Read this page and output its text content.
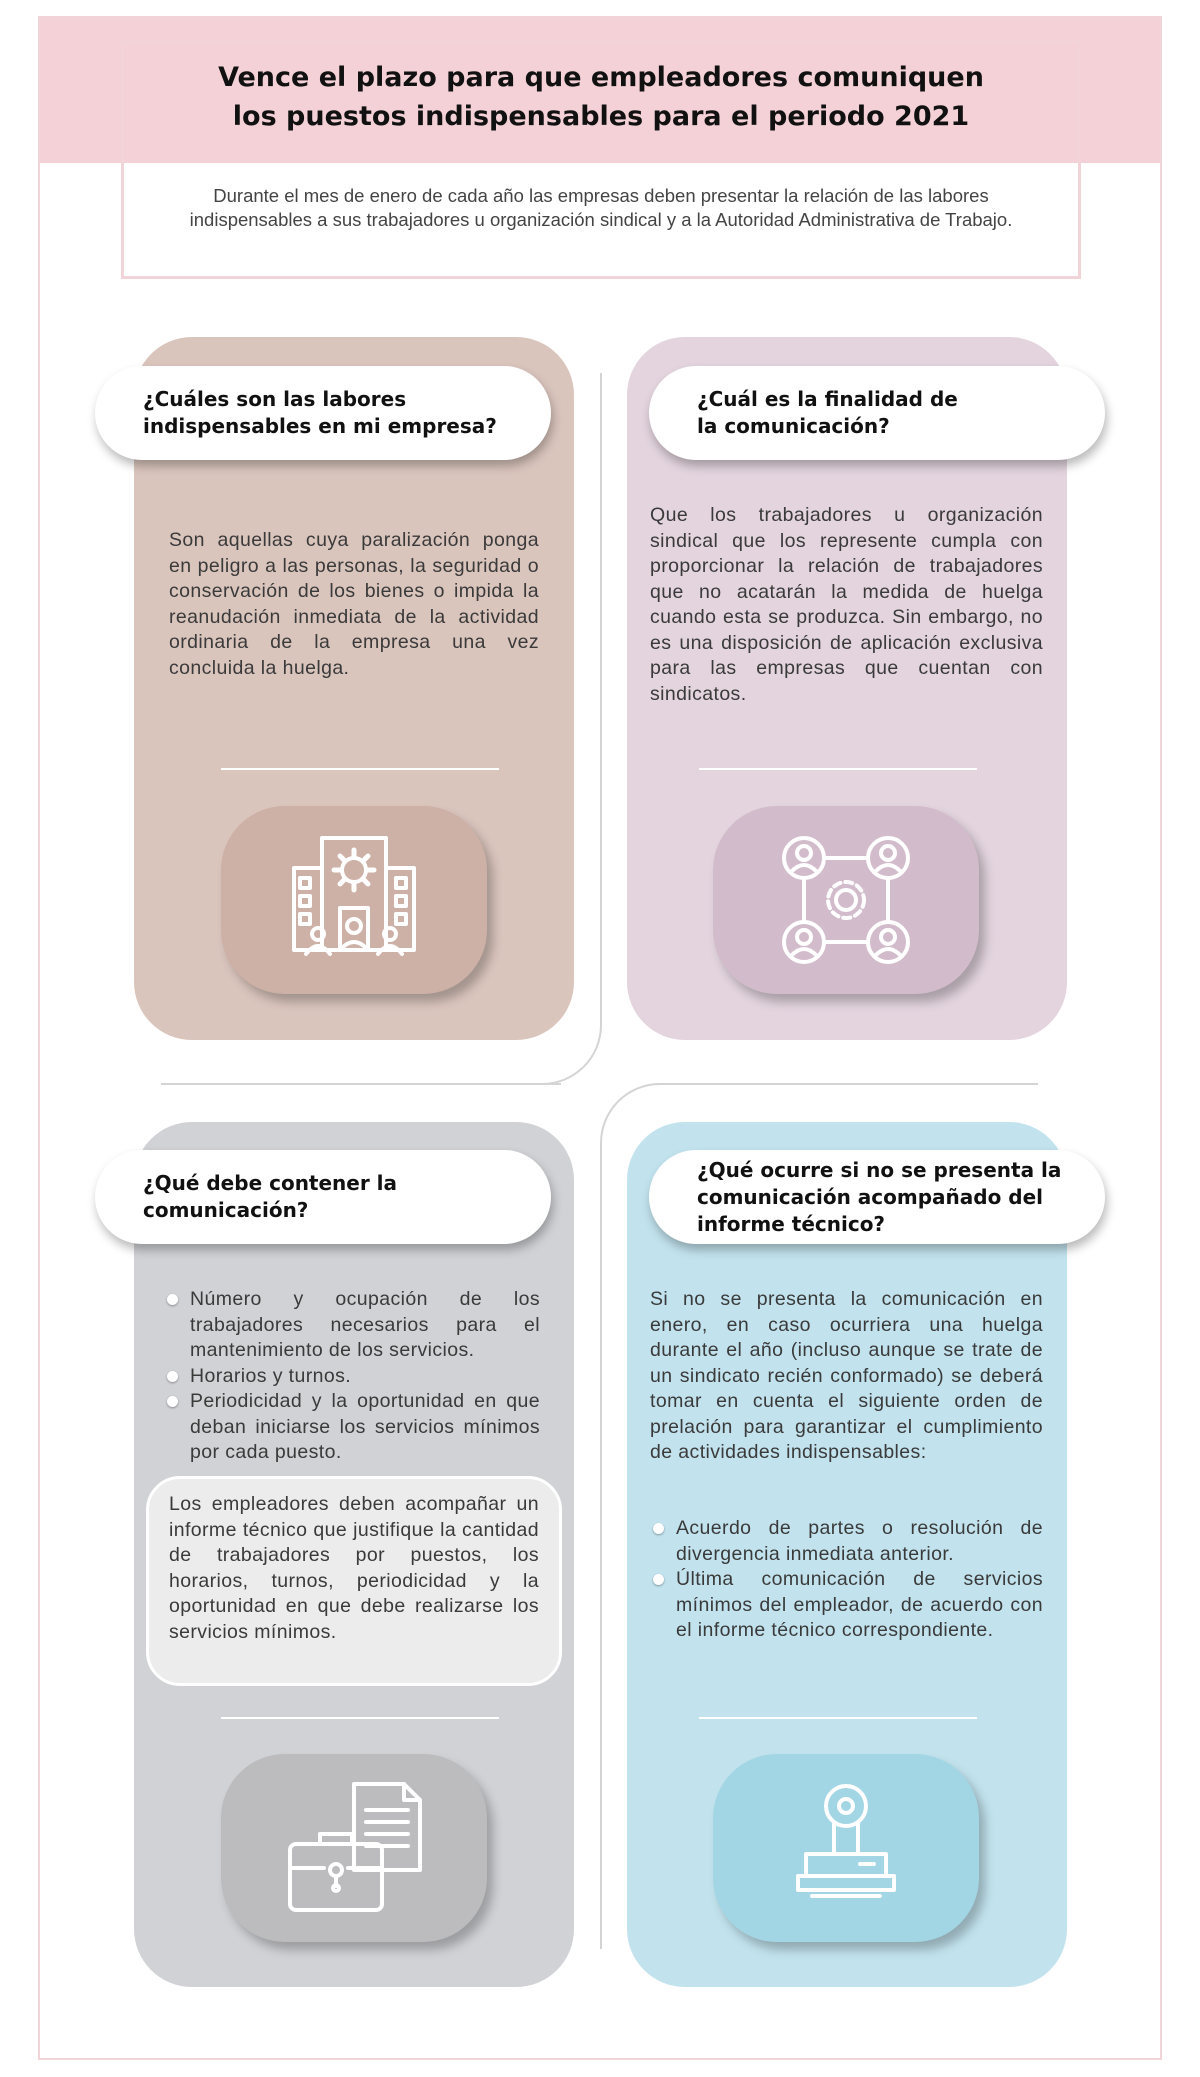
Vence el plazo para que empleadores comuniquen
los puestos indispensables para el periodo 2021

Durante el mes de enero de cada año las empresas deben presentar la relación de las labores indispensables a sus trabajadores u organización sindical y a la Autoridad Administrativa de Trabajo.

¿Cuáles son las labores
indispensables en mi empresa?

Son aquellas cuya paralización ponga en peligro a las personas, la seguridad o conservación de los bienes o impida la reanudación inmediata de la actividad ordinaria de la empresa una vez concluida la huelga.

¿Cuál es la finalidad de
la comunicación?

Que los trabajadores u organización sindical que los represente cumpla con proporcionar la relación de trabajadores que no acatarán la medida de huelga cuando esta se produzca. Sin embargo, no es una disposición de aplicación exclusiva para las empresas que cuentan con sindicatos.

¿Qué debe contener la
comunicación?
Número y ocupación de los trabajadores necesarios para el mantenimiento de los servicios.
Horarios y turnos.
Periodicidad y la oportunidad en que deban iniciarse los servicios mínimos por cada puesto.

Los empleadores deben acompañar un informe técnico que justifique la cantidad de trabajadores por puestos, los horarios, turnos, periodicidad y la oportunidad en que debe realizarse los servicios mínimos.

¿Qué ocurre si no se presenta la
comunicación acompañado del
informe técnico?

Si no se presenta la comunicación en enero, en caso ocurriera una huelga durante el año (incluso aunque se trate de un sindicato recién conformado) se deberá tomar en cuenta el siguiente orden de prelación para garantizar el cumplimiento de actividades indispensables:

Acuerdo de partes o resolución de divergencia inmediata anterior.
Última comunicación de servicios mínimos del empleador, de acuerdo con el informe técnico correspondiente.
